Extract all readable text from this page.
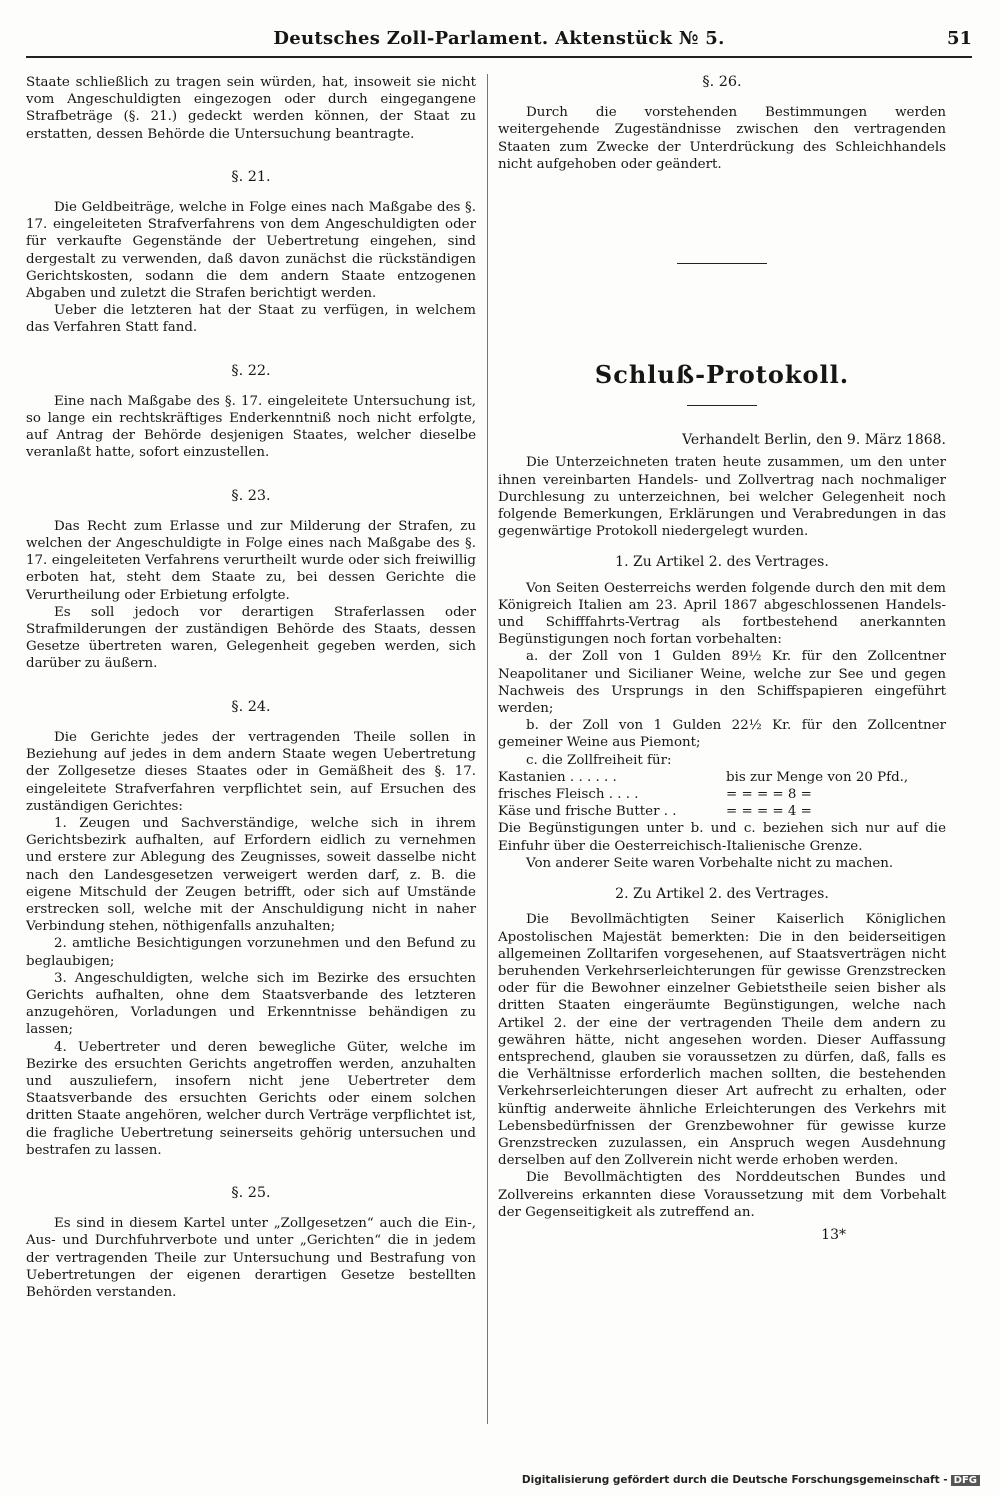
Deutsches Zoll-Parlament. Aktenstück № 5.	51

Staate schließlich zu tragen sein würden, hat, insoweit sie nicht vom Angeschuldigten eingezogen oder durch eingegangene Strafbeträge (§. 21.) gedeckt werden können, der Staat zu erstatten, dessen Behörde die Untersuchung beantragte.

§. 21.

Die Geldbeiträge, welche in Folge eines nach Maßgabe des §. 17. eingeleiteten Strafverfahrens von dem Angeschuldigten oder für verkaufte Gegenstände der Uebertretung eingehen, sind dergestalt zu verwenden, daß davon zunächst die rückständigen Gerichtskosten, sodann die dem andern Staate entzogenen Abgaben und zuletzt die Strafen berichtigt werden.

Ueber die letzteren hat der Staat zu verfügen, in welchem das Verfahren Statt fand.

§. 22.

Eine nach Maßgabe des §. 17. eingeleitete Untersuchung ist, so lange ein rechtskräftiges Enderkenntniß noch nicht erfolgte, auf Antrag der Behörde desjenigen Staates, welcher dieselbe veranlaßt hatte, sofort einzustellen.

§. 23.

Das Recht zum Erlasse und zur Milderung der Strafen, zu welchen der Angeschuldigte in Folge eines nach Maßgabe des §. 17. eingeleiteten Verfahrens verurtheilt wurde oder sich freiwillig erboten hat, steht dem Staate zu, bei dessen Gerichte die Verurtheilung oder Erbietung erfolgte.

Es soll jedoch vor derartigen Straferlassen oder Strafmilderungen der zuständigen Behörde des Staats, dessen Gesetze übertreten waren, Gelegenheit gegeben werden, sich darüber zu äußern.

§. 24.

Die Gerichte jedes der vertragenden Theile sollen in Beziehung auf jedes in dem andern Staate wegen Uebertretung der Zollgesetze dieses Staates oder in Gemäßheit des §. 17. eingeleitete Strafverfahren verpflichtet sein, auf Ersuchen des zuständigen Gerichtes:

1. Zeugen und Sachverständige, welche sich in ihrem Gerichtsbezirk aufhalten, auf Erfordern eidlich zu vernehmen und erstere zur Ablegung des Zeugnisses, soweit dasselbe nicht nach den Landesgesetzen verweigert werden darf, z. B. die eigene Mitschuld der Zeugen betrifft, oder sich auf Umstände erstrecken soll, welche mit der Anschuldigung nicht in naher Verbindung stehen, nöthigenfalls anzuhalten;

2. amtliche Besichtigungen vorzunehmen und den Befund zu beglaubigen;

3. Angeschuldigten, welche sich im Bezirke des ersuchten Gerichts aufhalten, ohne dem Staatsverbande des letzteren anzugehören, Vorladungen und Erkenntnisse behändigen zu lassen;

4. Uebertreter und deren bewegliche Güter, welche im Bezirke des ersuchten Gerichts angetroffen werden, anzuhalten und auszuliefern, insofern nicht jene Uebertreter dem Staatsverbande des ersuchten Gerichts oder einem solchen dritten Staate angehören, welcher durch Verträge verpflichtet ist, die fragliche Uebertretung seinerseits gehörig untersuchen und bestrafen zu lassen.

§. 25.

Es sind in diesem Kartel unter „Zollgesetzen“ auch die Ein-, Aus- und Durchfuhrverbote und unter „Gerichten“ die in jedem der vertragenden Theile zur Untersuchung und Bestrafung von Uebertretungen der eigenen derartigen Gesetze bestellten Behörden verstanden.

§. 26.

Durch die vorstehenden Bestimmungen werden weitergehende Zugeständnisse zwischen den vertragenden Staaten zum Zwecke der Unterdrückung des Schleichhandels nicht aufgehoben oder geändert.

Schluß-Protokoll.
Verhandelt Berlin, den 9. März 1868.

Die Unterzeichneten traten heute zusammen, um den unter ihnen vereinbarten Handels- und Zollvertrag nach nochmaliger Durchlesung zu unterzeichnen, bei welcher Gelegenheit noch folgende Bemerkungen, Erklärungen und Verabredungen in das gegenwärtige Protokoll niedergelegt wurden.

1. Zu Artikel 2. des Vertrages.

Von Seiten Oesterreichs werden folgende durch den mit dem Königreich Italien am 23. April 1867 abgeschlossenen Handels- und Schifffahrts-Vertrag als fortbestehend anerkannten Begünstigungen noch fortan vorbehalten:

a. der Zoll von 1 Gulden 89½ Kr. für den Zollcentner Neapolitaner und Sicilianer Weine, welche zur See und gegen Nachweis des Ursprungs in den Schiffspapieren eingeführt werden;

b. der Zoll von 1 Gulden 22½ Kr. für den Zollcentner gemeiner Weine aus Piemont;

c. die Zollfreiheit für:

Kastanien . . . . . .	bis zur Menge von 20 Pfd.,
frisches Fleisch . . . .	= = = = 8 =
Käse und frische Butter . .	= = = = 4 =

Die Begünstigungen unter b. und c. beziehen sich nur auf die Einfuhr über die Oesterreichisch-Italienische Grenze.

Von anderer Seite waren Vorbehalte nicht zu machen.

2. Zu Artikel 2. des Vertrages.

Die Bevollmächtigten Seiner Kaiserlich Königlichen Apostolischen Majestät bemerkten: Die in den beiderseitigen allgemeinen Zolltarifen vorgesehenen, auf Staatsverträgen nicht beruhenden Verkehrserleichterungen für gewisse Grenzstrecken oder für die Bewohner einzelner Gebietstheile seien bisher als dritten Staaten eingeräumte Begünstigungen, welche nach Artikel 2. der eine der vertragenden Theile dem andern zu gewähren hätte, nicht angesehen worden. Dieser Auffassung entsprechend, glauben sie voraussetzen zu dürfen, daß, falls es die Verhältnisse erforderlich machen sollten, die bestehenden Verkehrserleichterungen dieser Art aufrecht zu erhalten, oder künftig anderweite ähnliche Erleichterungen des Verkehrs mit Lebensbedürfnissen der Grenzbewohner für gewisse kurze Grenzstrecken zuzulassen, ein Anspruch wegen Ausdehnung derselben auf den Zollverein nicht werde erhoben werden.

Die Bevollmächtigten des Norddeutschen Bundes und Zollvereins erkannten diese Voraussetzung mit dem Vorbehalt der Gegenseitigkeit als zutreffend an.

13*
Digitalisierung gefördert durch die Deutsche Forschungsgemeinschaft - DFG
